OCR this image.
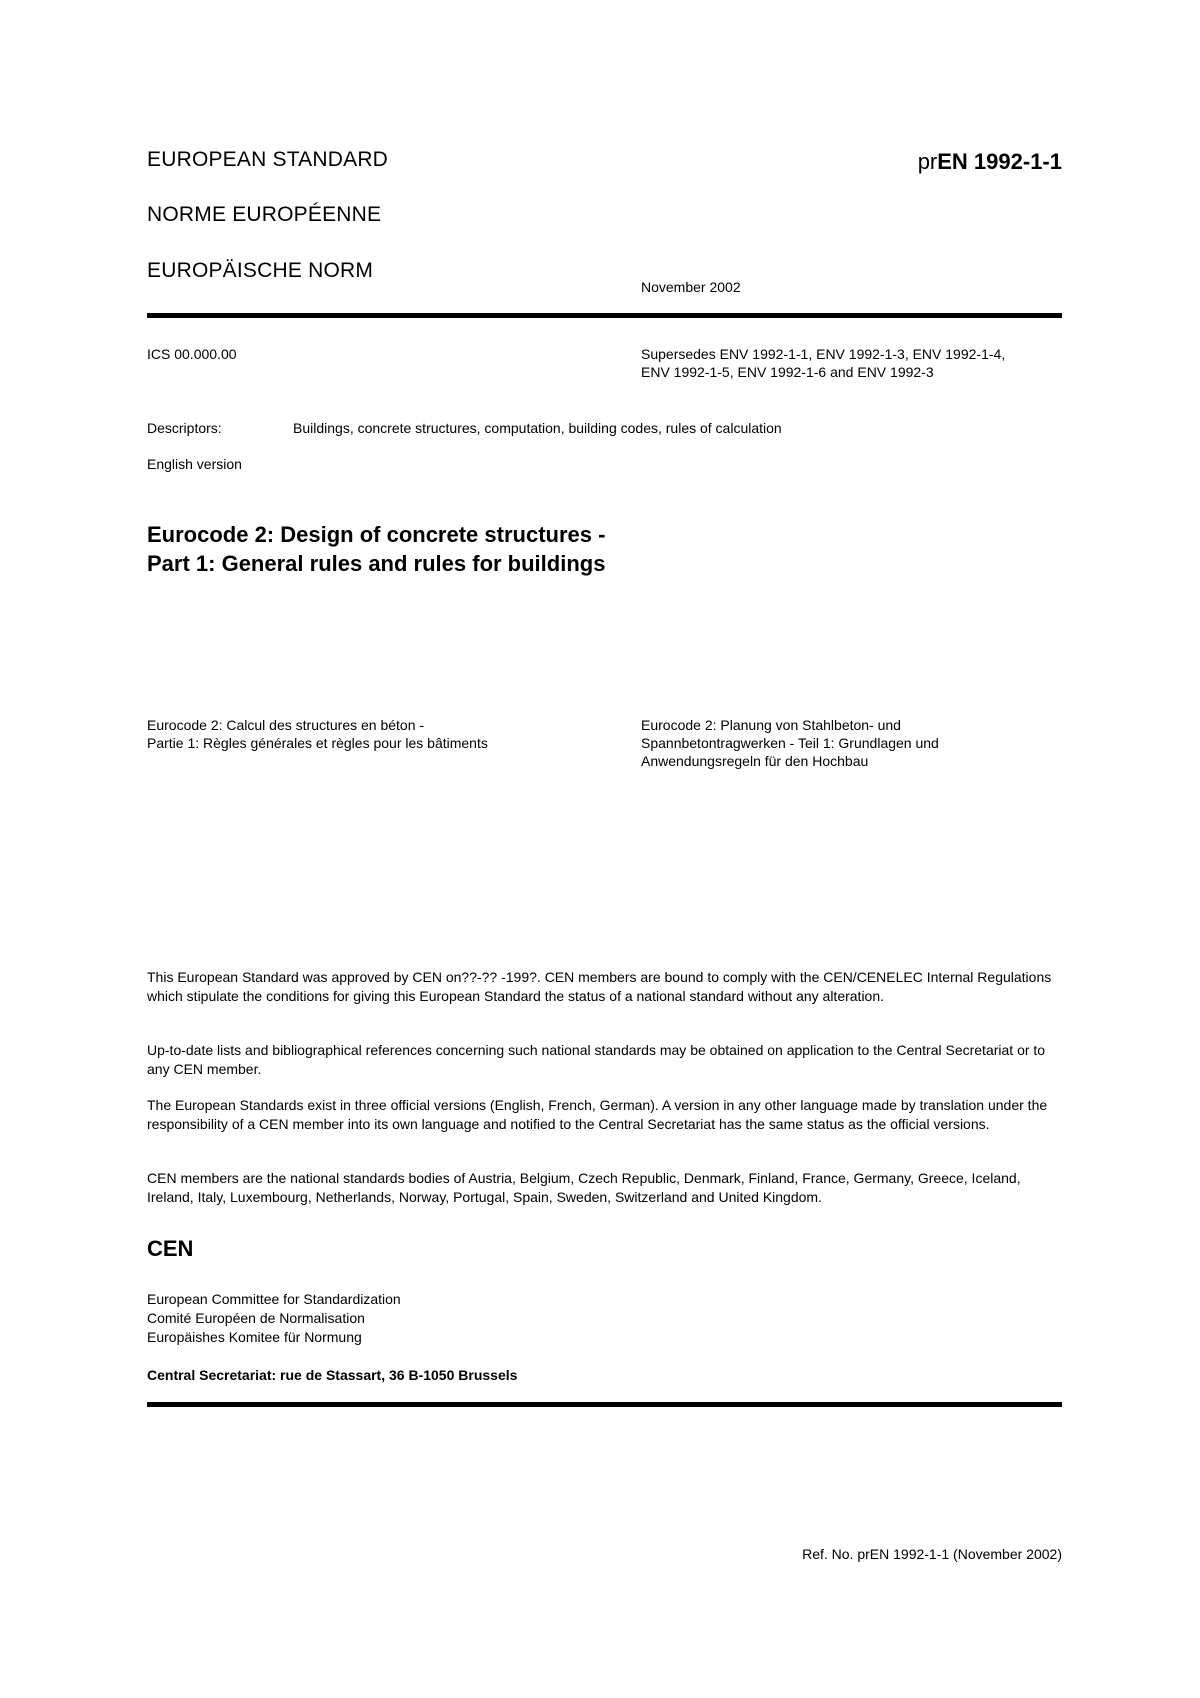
EUROPEAN STANDARD
NORME EUROPÉENNE
EUROPÄISCHE NORM
prEN 1992-1-1
November 2002
ICS 00.000.00	Supersedes ENV 1992-1-1, ENV 1992-1-3, ENV 1992-1-4,
ENV 1992-1-5, ENV 1992-1-6 and ENV 1992-3
Descriptors:	Buildings, concrete structures, computation, building codes, rules of calculation
English version
Eurocode 2: Design of concrete structures -
Part 1: General rules and rules for buildings
Eurocode 2: Calcul des structures en béton -
Partie 1: Règles générales et règles pour les bâtiments
Eurocode 2: Planung von Stahlbeton- und
Spannbetontragwerken - Teil 1: Grundlagen und
Anwendungsregeln für den Hochbau

This European Standard was approved by CEN on??-?? -199?. CEN members are bound to comply with the CEN/CENELEC Internal Regulations which stipulate the conditions for giving this European Standard the status of a national standard without any alteration.

Up-to-date lists and bibliographical references concerning such national standards may be obtained on application to the Central Secretariat or to any CEN member.

The European Standards exist in three official versions (English, French, German). A version in any other language made by translation under the responsibility of a CEN member into its own language and notified to the Central Secretariat has the same status as the official versions.

CEN members are the national standards bodies of Austria, Belgium, Czech Republic, Denmark, Finland, France, Germany, Greece, Iceland, Ireland, Italy, Luxembourg, Netherlands, Norway, Portugal, Spain, Sweden, Switzerland and United Kingdom.

CEN
European Committee for Standardization
Comité Européen de Normalisation
Europäishes Komitee für Normung
Central Secretariat: rue de Stassart, 36 B-1050 Brussels
Ref. No. prEN 1992-1-1 (November 2002)
